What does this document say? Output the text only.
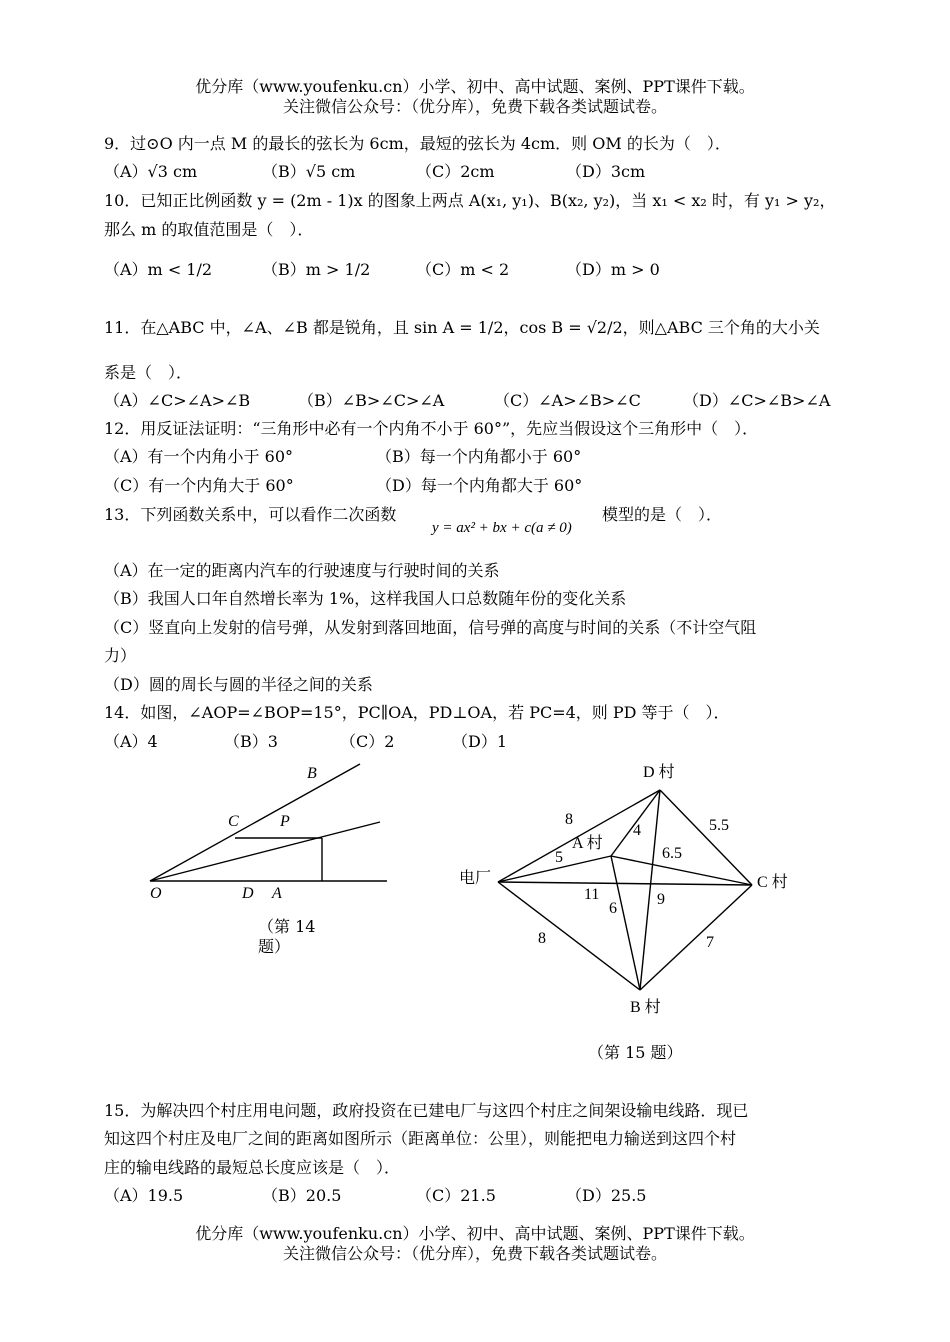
优分库（www.youfenku.cn）小学、初中、高中试题、案例、PPT课件下载。
关注微信公众号：（优分库），免费下载各类试题试卷。
9．过⊙O 内一点 M 的最长的弦长为 6cm，最短的弦长为 4cm．则 OM 的长为（　）．
（A）√3 cm	（B）√5 cm	（C）2cm	（D）3cm
10．已知正比例函数 y = (2m - 1)x 的图象上两点 A(x₁, y₁)、B(x₂, y₂)，当 x₁ < x₂ 时，有 y₁ > y₂，
那么 m 的取值范围是（　）．
（A）m < 1/2	（B）m > 1/2	（C）m < 2	（D）m > 0
11．在△ABC 中，∠A、∠B 都是锐角，且 sin A = 1/2，cos B = √2/2，则△ABC 三个角的大小关
系是（　）．
（A）∠C>∠A>∠B	（B）∠B>∠C>∠A	（C）∠A>∠B>∠C	（D）∠C>∠B>∠A
12．用反证法证明：“三角形中必有一个内角不小于 60°”，先应当假设这个三角形中（　）．
（A）有一个内角小于 60°	（B）每一个内角都小于 60°
（C）有一个内角大于 60°	（D）每一个内角都大于 60°
13．下列函数关系中，可以看作二次函数
y = ax² + bx + c(a ≠ 0)
模型的是（　）．
（A）在一定的距离内汽车的行驶速度与行驶时间的关系
（B）我国人口年自然增长率为 1%，这样我国人口总数随年份的变化关系
（C）竖直向上发射的信号弹，从发射到落回地面，信号弹的高度与时间的关系（不计空气阻
力）
（D）圆的周长与圆的半径之间的关系
14．如图，∠AOP=∠BOP=15°，PC∥OA，PD⊥OA，若 PC=4，则 PD 等于（　）．
（A）4	（B）3	（C）2	（D）1
B
C	P
O	D A
（第 14 题）
D 村
A 村
C 村
B 村
电厂
8
5
4	5.5
6.5
11
6
9
8	7
（第 15 题）
15．为解决四个村庄用电问题，政府投资在已建电厂与这四个村庄之间架设输电线路．现已
知这四个村庄及电厂之间的距离如图所示（距离单位：公里），则能把电力输送到这四个村
庄的输电线路的最短总长度应该是（　）．
（A）19.5	（B）20.5	（C）21.5	（D）25.5
优分库（www.youfenku.cn）小学、初中、高中试题、案例、PPT课件下载。
关注微信公众号：（优分库），免费下载各类试题试卷。
